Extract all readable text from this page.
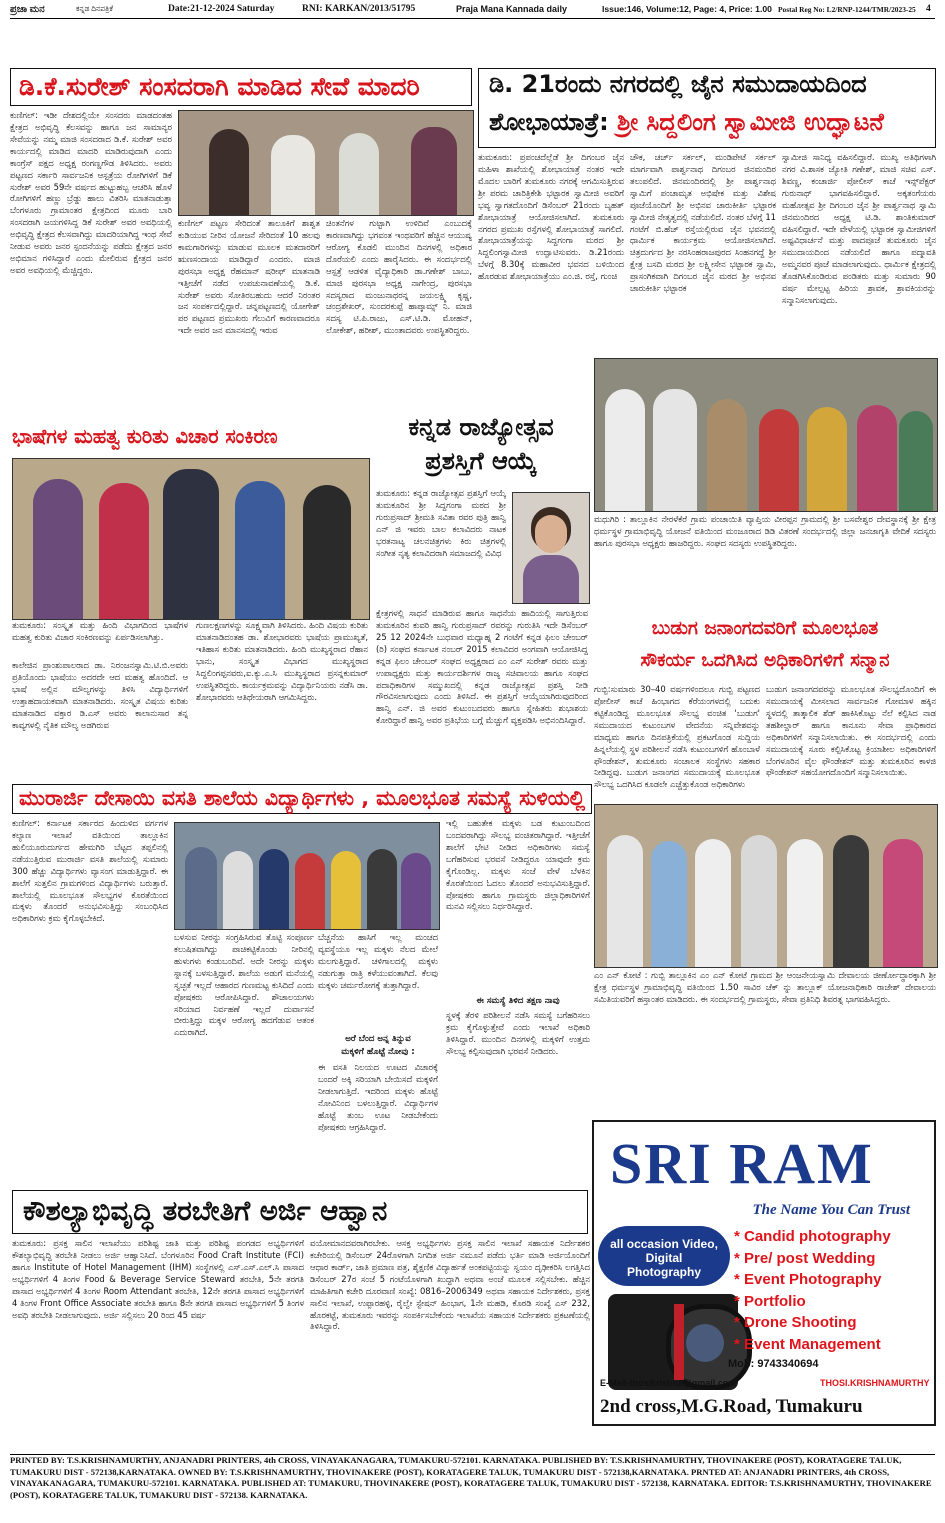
ಪ್ರಜಾ ಮನ	ಕನ್ನಡ ದಿನಪತ್ರಿಕೆ	Date:21-12-2024 Saturday	RNI: KARKAN/2013/51795	Praja Mana Kannada daily	Issue:146, Volume:12, Page: 4, Price: 1.00 Postal Reg No: L2/RNP-1244/TMR/2023-25 4
ಡಿ.ಕೆ.ಸುರೇಶ್ ಸಂಸದರಾಗಿ ಮಾಡಿದ ಸೇವೆ ಮಾದರಿ
ಕುಣಿಗಲ್: ಇಡೀ ದೇಶದಲ್ಲಿಯೇ ಸಂಸದರು ಮಾಡದಂತಹ ಕ್ಷೇತ್ರದ ಅಭಿವೃದ್ಧಿ ಕೆಲಸವನ್ನು ಹಾಗೂ ಜನ ಸಾಮಾನ್ಯರ ಸೇವೆಯನ್ನು ನಮ್ಮ ಮಾಜಿ ಸಂಸದರಾದ ಡಿ.ಕೆ. ಸುರೇಶ್ ಅವರ ಕಾರ್ಯದಲ್ಲಿ ಮಾಡಿದ ಮಾದರಿ ಮಾಡಿರುವುದಾಗಿ ಎಂದು ಕಾಂಗ್ರೆಸ್ ಪಕ್ಷದ ಅಧ್ಯಕ್ಷ ರಂಗಣ್ಣಗೌಡ ತಿಳಿಸಿದರು. ಅವರು ಪಟ್ಟಣದ ಸರ್ಕಾರಿ ಸಾರ್ವಜನಿಕ ಆಸ್ಪತ್ರೆಯ ರೋಗಿಗಳಿಗೆ ಡಿಕೆ ಸುರೇಶ್ ಅವರ 59ನೇ ವರ್ಷದ ಹುಟ್ಟುಹಬ್ಬ ಆಚರಿಸಿ ಹೊಳೆ ರೋಗಿಗಳಿಗೆ ಹಣ್ಣು ಬ್ರೆಡ್ಡು ಹಾಲು ವಿತರಿಸಿ ಮಾತನಾಡುತ್ತಾ ಬೆಂಗಳೂರು ಗ್ರಾಮಾಂತರ ಕ್ಷೇತ್ರದಿಂದ ಮೂರು ಬಾರಿ ಸಂಸದರಾಗಿ ಜಯಗಳಿಸಿದ್ದ ಡಿಕೆ ಸುರೇಶ್ ಅವರ ಅವಧಿಯಲ್ಲಿ ಅಭಿವೃದ್ಧಿ ಕ್ಷೇತ್ರದ ಕೆಲಸವಾಗಿದ್ದು ಮಾದರಿಯಾಗಿದ್ದ ಇಂಥ ಸೇವೆ ನೀಡುವ ಅವರು ಜನರ ಸ್ಪಂದನೆಯನ್ನು ಪಡೆದು ಕ್ಷೇತ್ರದ ಜನರ ಅಭಿಮಾನ ಗಳಿಸಿದ್ದಾರೆ ಎಂದು ಮೇಲಿರುವ ಕ್ಷೇತ್ರದ ಜನರ ಅವರ ಅವಧಿಯಲ್ಲಿ ಮೆಚ್ಚಿದ್ದರು.
ಕುಣಿಗಲ್ ಪಟ್ಟಣ ಸೇರಿದಂತೆ ತಾಲೂಕಿಗೆ ಶಾಶ್ವತ ಕುಡಿಯುವ ನೀರಿನ ಯೋಜನೆ ಸೇರಿದಂತೆ 10 ಹಲವು ಕಾಮಗಾರಿಗಳನ್ನು ಮಾಡುವ ಮೂಲಕ ಮತದಾರರಿಗೆ ಋಣಸಂದಾಯ ಮಾಡಿದ್ದಾರೆ ಎಂದರು. ಮಾಜಿ ಪುರಸಭಾ ಅಧ್ಯಕ್ಷ ರೆಹಮಾನ್ ಷರೀಫ್ ಮಾತನಾಡಿ ಇತ್ತೀಚೆಗೆ ನಡೆದ ಉಪಚುನಾವಣೆಯಲ್ಲಿ ಡಿ.ಕೆ. ಸುರೇಶ್ ಅವರು ಸೋತಿರಬಹುದು ಆದರೆ ನಿರಂತರ ಜನ ಸಂಪರ್ಕದಲ್ಲಿದ್ದಾರೆ. ಚನ್ನಪಟ್ಟಣದಲ್ಲಿ ಯೋಗೇಶ್ ಪರ ಪಟ್ಟಣದ ಪ್ರಮುಖರು ಗೆಲುವಿಗೆ ಕಾರಣವಾದರೂ ಇದೇ ಅವರ ಜನ ಮಾನಸದಲ್ಲಿ ಇರುವ
ಚಿಂತನೆಗಳ ಗುಟ್ಟಾಗಿ ಉಳಿದಿವೆ ಎಂಬುದಕ್ಕೆ ಕಾರಣವಾಗಿದ್ದು ಭಗವಂತ ಇಂಥವರಿಗೆ ಹೆಚ್ಚಿನ ಆಯುಷ್ಯ ಆರೋಗ್ಯ ಕೊಡಲಿ ಮುಂದಿನ ದಿನಗಳಲ್ಲಿ ಅಧಿಕಾರ ದೊರೆಯಲಿ ಎಂದು ಹಾರೈಸಿದರು. ಈ ಸಂದರ್ಭದಲ್ಲಿ ಆಸ್ಪತ್ರೆ ಆಡಳಿತ ವೈದ್ಯಾಧಿಕಾರಿ ಡಾ.ಗಣೇಶ್ ಬಾಬು, ಮಾಜಿ ಪುರಸಭಾ ಅಧ್ಯಕ್ಷ ನಾಗೇಂದ್ರ, ಪುರಸಭಾ ಸದಸ್ಯರಾದ ಮಂಜುನಾಥರನ್ನ ಜಯಲಕ್ಷ್ಮಿ ಕೃಷ್ಣ, ಚಂದ್ರಶೇಖರ್, ಸುಂದರಕುಪ್ಪೆ ಹಾಪ್ಕಾಮ್ಸ್ ನಿ. ಮಾಜಿ ಸದಸ್ಯ ಟಿ.ಪಿ.ರಾಜು, ಎಸ್.ಟಿ.ಡಿ. ಮೋಹನ್, ಲೋಕೇಶ್, ಹರೀಶ್, ಮುಂತಾದವರು ಉಪಸ್ಥಿತರಿದ್ದರು.
ಡಿ. 21ರಂದು ನಗರದಲ್ಲಿ ಜೈನ ಸಮುದಾಯದಿಂದ
ಶೋಭಾಯಾತ್ರೆ: ಶ್ರೀ ಸಿದ್ದಲಿಂಗ ಸ್ವಾಮೀಜಿ ಉದ್ಘಾಟನೆ
ತುಮಕೂರು: ಪ್ರಪಂಚದೆಲ್ಲೆಡೆ ಶ್ರೀ ದಿಗಂಬರ ಜೈನ ಮಹಿಳಾ ಶಾಖೆಯಲ್ಲಿ ಶೋಭಾಯಾತ್ರೆ ನಂತರ ಇದೇ ಮೊದಲ ಬಾರಿಗೆ ತುಮಕೂರು ನಗರಕ್ಕೆ ಆಗಮಿಸುತ್ತಿರುವ ಶ್ರೀ ಪರಮ ಚಾರಿತ್ರಿಕೇಶಿ ಭಟ್ಟಾರಕ ಸ್ವಾಮೀಜಿ ಅವರಿಗೆ ಭವ್ಯ ಸ್ವಾಗತದೊಂದಿಗೆ ಡಿಸೆಂಬರ್ 21ರಂದು ಬೃಹತ್ ಶೋಭಾಯಾತ್ರೆ ಆಯೋಜಿಸಲಾಗಿದೆ. ತುಮಕೂರು ನಗರದ ಪ್ರಮುಖ ರಸ್ತೆಗಳಲ್ಲಿ ಶೋಭಾಯಾತ್ರೆ ಸಾಗಲಿದೆ. ಶೋಭಾಯಾತ್ರೆಯನ್ನು ಸಿದ್ದಗಂಗಾ ಮಠದ ಶ್ರೀ ಸಿದ್ದಲಿಂಗಸ್ವಾಮೀಜಿ ಉದ್ಘಾಟಿಸುವರು. ಡಿ.21ರಂದು ಬೆಳಗ್ಗೆ 8.30ಕ್ಕೆ ಮಹಾವೀರ ಭವನದ ಬಳಿಯಿಂದ ಹೊರಡುವ ಶೋಭಾಯಾತ್ರೆಯು ಎಂ.ಜಿ. ರಸ್ತೆ, ಗುಂಚಿ
ಚೌಕ, ಚರ್ಚ್ ಸರ್ಕಲ್, ಮಂಡಿಪೇಟೆ ಸರ್ಕಲ್ ಮಾರ್ಗವಾಗಿ ಪಾರ್ಶ್ವನಾಥ ದಿಗಂಬರ ಜಿನಮಂದಿರ ತಲುಪಲಿದೆ. ಜಿನಮಂದಿರದಲ್ಲಿ ಶ್ರೀ ಪಾರ್ಶ್ವನಾಥ ಸ್ವಾಮಿಗೆ ಪಂಚಾಮೃತ ಅಭಿಷೇಕ ಮತ್ತು ವಿಶೇಷ ಪೂಜೆಯೊಂದಿಗೆ ಶ್ರೀ ಅಭಿನವ ಚಾರುಕೀರ್ತಿ ಭಟ್ಟಾರಕ ಸ್ವಾಮೀಜಿ ನೇತೃತ್ವದಲ್ಲಿ ನಡೆಯಲಿದೆ. ನಂತರ ಬೆಳಗ್ಗೆ 11 ಗಂಟೆಗೆ ಬಿ.ಹೆಚ್ ರಸ್ತೆಯಲ್ಲಿರುವ ಜೈನ ಭವನದಲ್ಲಿ ಧಾರ್ಮಿಕ ಕಾರ್ಯಕ್ರಮ ಆಯೋಜಿಸಲಾಗಿದೆ. ಚಿತ್ರದುರ್ಗದ ಶ್ರೀ ನರಸಿಂಹರಾಜಪುರದ ಸಿಂಹನಗದ್ದೆ ಶ್ರೀ ಕ್ಷೇತ್ರ ಬಸದಿ ಮಠದ ಶ್ರೀ ಲಕ್ಷ್ಮೀಸೇನ ಭಟ್ಟಾರಕ ಸ್ವಾಮಿ, ಪ್ರಾಸಂಗಿಕವಾಗಿ ದಿಗಂಬರ ಜೈನ ಮಠದ ಶ್ರೀ ಅಭಿನವ ಚಾರುಕೀರ್ತಿ ಭಟ್ಟಾರಕ
ಸ್ವಾಮೀಜಿ ಸಾನಿಧ್ಯ ವಹಿಸಲಿದ್ದಾರೆ. ಮುಖ್ಯ ಅತಿಥಿಗಳಾಗಿ ನಗರ ವಿ.ಶಾಸಕ ಜ್ಯೋತಿ ಗಣೇಶ್, ಮಾಜಿ ಸಚಿವ ಎಸ್. ಶಿವಣ್ಣ, ಕಂಚಾರ್ಜಿ ಪೋಲೀಸ್ ಕಾಚೆ ಇನ್ಸ್‌ಪೆಕ್ಟರ್ ಗುರುನಾಥ್ ಭಾಗವಹಿಸಲಿದ್ದಾರೆ. ಅಕ್ಕತಂಗೆಯರು ಮಹೋತ್ಸವ ಶ್ರೀ ದಿಗಂಬರ ಜೈನ ಶ್ರೀ ಪಾರ್ಶ್ವನಾಥ ಸ್ವಾಮಿ ಜಿನಮಂದಿರದ ಅಧ್ಯಕ್ಷ ಟಿ.ಡಿ. ಶಾಂತಿಕುಮಾರ್ ವಹಿಸಲಿದ್ದಾರೆ. ಇದೇ ವೇಳೆಯಲ್ಲಿ ಭಟ್ಟಾರಕ ಸ್ವಾಮೀಜಿಗಳಿಗೆ ಅಷ್ಟವಿಧಾರ್ಚನೆ ಮತ್ತು ಪಾದಪೂಜೆ ತುಮಕೂರು ಜೈನ ಸಮುದಾಯದಿಂದ ನಡೆಯಲಿದೆ ಹಾಗೂ ಪದ್ಮಾವತಿ ಅಮ್ಮನವರ ಪೂಜೆ ಮಾಡಲಾಗುವುದು. ಧಾರ್ಮಿಕ ಕ್ಷೇತ್ರದಲ್ಲಿ ತೊಡಗಿಸಿಕೊಂಡಿರುವ ಪಂಡಿತರು ಮತ್ತು ಸುಮಾರು 90 ವರ್ಷ ಮೇಲ್ಪಟ್ಟ ಹಿರಿಯ ಶ್ರಾವಕ, ಶ್ರಾವಕಿಯರನ್ನು ಸನ್ಮಾನಿಸಲಾಗುವುದು.
ಭಾಷೆಗಳ ಮಹತ್ವ ಕುರಿತು ವಿಚಾರ ಸಂಕಿರಣ
ತುಮಕೂರು: ಸಂಸ್ಕೃತ ಮತ್ತು ಹಿಂದಿ ವಿಭಾಗದಿಂದ ಭಾಷೆಗಳ ಮಹತ್ವ ಕುರಿತು ವಿಚಾರ ಸಂಕಿರಣವನ್ನು ಏರ್ಪಡಿಸಲಾಗಿತ್ತು.
ಕಾಲೇಜಿನ ಪ್ರಾಂಶುಪಾಲರಾದ ಡಾ. ನಿರಂಜನಸ್ವಾಮಿ.ಟಿ.ಬಿ.ಅವರು ಪ್ರತಿಯೊಂದು ಭಾಷೆಯು ಅದರದೇ ಆದ ಮಹತ್ವ ಹೊಂದಿದೆ. ಆ ಭಾಷೆ ಅಲ್ಲಿನ ಮೌಲ್ಯಗಳನ್ನು ತಿಳಿಸಿ ವಿದ್ಯಾರ್ಥಿಗಳಿಗೆ ಉತ್ತಾಹದಾಯಕವಾಗಿ ಮಾತನಾಡಿದರು. ಸಂಸ್ಕೃತ ವಿಷಯ ಕುರಿತು ಮಾತನಾಡಿದ ವಕ್ತಾರ ಡಿ.ಎಸ್ ಅವರು ಕಾಲಾನುಸಾರ ತನ್ನ ಕಾವ್ಯಗಳಲ್ಲಿ ನೈತಿಕ ಮೌಲ್ಯ ಅಡಗಿರುವ
ಗುಣಲಕ್ಷಣಗಳನ್ನು ಸೂಕ್ಷ್ಮವಾಗಿ ತಿಳಿಸಿದರು. ಹಿಂದಿ ವಿಷಯ ಕುರಿತು ಮಾತನಾಡಿದಂತಹ ಡಾ. ಶೋಭಾರವರು ಭಾಷೆಯ ಪ್ರಾಮುಖ್ಯತೆ, ಇತಿಹಾಸ ಕುರಿತು ಮಾತನಾಡಿದರು. ಹಿಂದಿ ಮುಖ್ಯಸ್ಥರಾದ ರೆಹಾನ ಭಾನು, ಸಂಸ್ಕೃತ ವಿಭಾಗದ ಮುಖ್ಯಸ್ಥರಾದ ಸಿದ್ದಲಿಂಗಪ್ಪನವರು,ಐ.ಕ್ಯು.ಎ.ಸಿ ಮುಖ್ಯಸ್ಥರಾದ ಪ್ರಸನ್ನಕುಮಾರ್ ಉಪಸ್ಥಿತರಿದ್ದರು. ಕಾರ್ಯಕ್ರಮವನ್ನು ವಿದ್ಯಾರ್ಥಿನಿಯರು ನಡೆಸಿ ಡಾ. ಶೋಭಾರವರು ಆತಿಥೇಯರಾಗಿ ಆಗಮಿಸಿದ್ದರು.
ಕನ್ನಡ ರಾಜ್ಯೋತ್ಸವ
ಪ್ರಶಸ್ತಿಗೆ ಆಯ್ಕೆ
ತುಮಕೂರು: ಕನ್ನಡ ರಾಜ್ಯೋತ್ಸವ ಪ್ರಶಸ್ತಿಗೆ ಆಯ್ಕೆ ತುಮಕೂರಿನ ಶ್ರೀ ಸಿದ್ದಗಂಗಾ ಮಠದ ಶ್ರೀ ಗುರುಪ್ರಸಾದ್ ಶ್ರೀಮತಿ ಸವಿತಾ ರವರ ಪುತ್ರಿ ಹಾನ್ವಿ ಎನ್ ಜಿ ಇವರು ಬಾಲ ಕಲಾವಿದರು ನಾಟಕ ಭರತನಾಟ್ಯ ಚಲನಚಿತ್ರಗಳು ಕಿರು ಚಿತ್ರಗಳಲ್ಲಿ ಸಂಗೀತ ನೃತ್ಯ ಕಲಾವಿದರಾಗಿ ಸಮಾಜದಲ್ಲಿ ವಿವಿಧ
ಕ್ಷೇತ್ರಗಳಲ್ಲಿ ಸಾಧನೆ ಮಾಡಿರುವ ಹಾಗೂ ಸಾಧನೆಯ ಹಾದಿಯಲ್ಲಿ ಸಾಗುತ್ತಿರುವ ತುಮಕೂರಿನ ಕುವರಿ ಹಾನ್ವಿ ಗುರುಪ್ರಸಾದ್ ರವರನ್ನು ಗುರುತಿಸಿ ಇದೇ ಡಿಸೆಂಬರ್ 25 12 2024ನೇ ಬುಧವಾರ ಮಧ್ಯಾಹ್ನ 2 ಗಂಟೆಗೆ ಕನ್ನಡ ಫಿಲಂ ಚೇಂಬರ್ (ರಿ) ಸಂಘದ ಕರ್ನಾಟಕ ನಂಬರ್ 2015 ಕಲಾವಿದರ ಅಂಗವಾಗಿ ಆಯೋಜಿಸಿದ್ದ ಕನ್ನಡ ಫಿಲಂ ಚೇಂಬರ್ ಸಂಘದ ಅಧ್ಯಕ್ಷರಾದ ಎಂ ಎನ್ ಸುರೇಶ್ ರವರು ಮತ್ತು ಉಪಾಧ್ಯಕ್ಷರು ಮತ್ತು ಕಾರ್ಯದರ್ಶಿಗಳ ರಾಜ್ಯ ಸಚಿವಾಲಯ ಹಾಗೂ ಸಂಘದ ಪದಾಧಿಕಾರಿಗಳ ಸಮ್ಮುಖದಲ್ಲಿ ಕನ್ನಡ ರಾಜ್ಯೋತ್ಸವ ಪ್ರಶಸ್ತಿ ನೀಡಿ ಗೌರವಿಸಲಾಗುವುದು ಎಂದು ತಿಳಿಸಿದೆ. ಈ ಪ್ರಶಸ್ತಿಗೆ ಆಯ್ಕೆಯಾಗಿರುವುದರಿಂದ ಹಾನ್ವಿ ಎನ್. ಜಿ ಅವರ ಕುಟುಂಬದವರು ಹಾಗೂ ಸ್ನೇಹಿತರು ಶುಭಾಶಯ ಕೋರಿದ್ದಾರೆ ಹಾನ್ವಿ ಅವರ ಪ್ರತಿಭೆಯ ಬಗ್ಗೆ ಮೆಚ್ಚುಗೆ ವ್ಯಕ್ತಪಡಿಸಿ ಅಭಿನಂದಿಸಿದ್ದಾರೆ.
ಮಧುಗಿರಿ : ತಾಲ್ಲೂಕಿನ ನೇರಳೆಕೆರೆ ಗ್ರಾಮ ಪಂಚಾಯಿತಿ ವ್ಯಾಪ್ತಿಯ ವೀರಪ್ಪನ ಗ್ರಾಮದಲ್ಲಿ ಶ್ರೀ ಬಸವೇಶ್ವರ ದೇವಸ್ಥಾನಕ್ಕೆ ಶ್ರೀ ಕ್ಷೇತ್ರ ಧರ್ಮಸ್ಥಳ ಗ್ರಾಮಾಭಿವೃದ್ಧಿ ಯೋಜನೆ ವತಿಯಿಂದ ಮಂಜೂರಾದ ಡಿಡಿ ವಿತರಣೆ ಸಂದರ್ಭದಲ್ಲಿ ಜಿಲ್ಲಾ ಜನಜಾಗೃತಿ ವೇದಿಕೆ ಸದಸ್ಯರು ಹಾಗೂ ಪುರಸಭಾ ಅಧ್ಯಕ್ಷರು ಹಾಜರಿದ್ದರು. ಸಂಘದ ಸದಸ್ಯರು ಉಪಸ್ಥಿತರಿದ್ದರು.
ಬುಡುಗ ಜನಾಂಗದವರಿಗೆ ಮೂಲಭೂತ
ಸೌಕರ್ಯ ಒದಗಿಸಿದ ಅಧಿಕಾರಿಗಳಿಗೆ ಸನ್ಮಾನ
ಗುಬ್ಬಿ:ಸುಮಾರು 30–40 ವರ್ಷಗಳಿಂದಲೂ ಗುಬ್ಬಿ ಪಟ್ಟಣದ ಪೋಲೀಸ್ ಕಾಚೆ ಹಿಂಭಾಗದ ಕೆರೆಯಂಗಳದಲ್ಲಿ ಬದುಕು ಕಟ್ಟಿಕೊಂಡಿದ್ದ ಮೂಲಭೂತ ಸೌಲಭ್ಯ ವಂಚಿತ 'ಬುಡುಗ' ಸಮುದಾಯದ ಕುಟುಂಬಗಳ ವೇದನೆಯ ಸನ್ನಿವೇಶವನ್ನು ಮಾಧ್ಯಮ ಹಾಗೂ ದಿನಪತ್ರಿಕೆಯಲ್ಲಿ ಪ್ರಕಟಗೊಂಡ ಸುದ್ದಿಯ ಹಿನ್ನಲೆಯಲ್ಲಿ ಸ್ಥಳ ಪರಿಶೀಲನೆ ನಡೆಸಿ ಕುಟುಂಬಗಳಿಗೆ ಹೊಂಬಾಳೆ ಫೌಂಡೇಶನ್, ತುಮಕೂರು ಸಂಚಾಲಕ ಸಂಸ್ಥೆಗಳು ಸಹಕಾರ ನೀಡಿದ್ದವು. ಬುಡುಗ ಜನಾಂಗದ ಸಮುದಾಯಕ್ಕೆ ಮೂಲಭೂತ ಸೌಲಭ್ಯ ಒದಗಿಸಿದ ಕೂಡಲೇ ಎಚ್ಚೆತ್ತುಕೊಂಡ ಅಧಿಕಾರಿಗಳು
ಬುಡುಗ ಜನಾಂಗದವರನ್ನು ಮೂಲಭೂತ ಸೌಲಭ್ಯದೊಂದಿಗೆ ಈ ಸಮುದಾಯಕ್ಕೆ ಮೀಸಲಾದ ಸಾರ್ವಜನಿಕ ಗೋಮಾಳ ಹಕ್ಕಿನ ಸ್ಥಳದಲ್ಲಿ ತಾತ್ಕಾಲಿಕ ಶೆಡ್ ಹಾಕಿಸಿಕೊಟ್ಟು ನೆಲೆ ಕಲ್ಪಿಸಿದ ನಾಡ ತಹಶೀಲ್ದಾರ್ ಹಾಗೂ ಕಾನೂನು ಸೇವಾ ಪ್ರಾಧಿಕಾರದ ಅಧಿಕಾರಿಗಳಿಗೆ ಸನ್ಮಾನಿಸಲಾಯಿತು. ಈ ಸಂದರ್ಭದಲ್ಲಿ ಎಂದು ಸಮುದಾಯಕ್ಕೆ ಸೂರು ಕಲ್ಪಿಸಿಕೊಟ್ಟ ಕ್ರಿಯಾಶೀಲ ಅಧಿಕಾರಿಗಳಿಗೆ ಬೆಂಗಳೂರಿನ ವೈಲ ಫೌಂಡೇಶನ್ ಮತ್ತು ತುಮಕೂರಿನ ಕಾಳಜಿ ಫೌಂಡೇಶನ್ ಸಹಯೋಗದೊಂದಿಗೆ ಸನ್ಮಾನಿಸಲಾಯಿತು.
ಮುರಾರ್ಜಿ ದೇಸಾಯಿ ವಸತಿ ಶಾಲೆಯ ವಿದ್ಯಾರ್ಥಿಗಳು , ಮೂಲಭೂತ ಸಮಸ್ಯೆ ಸುಳಿಯಲ್ಲಿ
ಕುಣಿಗಲ್: ಕರ್ನಾಟಕ ಸರ್ಕಾರದ ಹಿಂದುಳಿದ ವರ್ಗಗಳ ಕಲ್ಯಾಣ ಇಲಾಖೆ ವತಿಯಿಂದ ತಾಲ್ಲೂಕಿನ ಹುಲಿಯೂರುದುರ್ಗದ ಹೇಮಗಿರಿ ಬೆಟ್ಟದ ತಪ್ಪಲಿನಲ್ಲಿ ನಡೆಯುತ್ತಿರುವ ಮುರಾರ್ಜಿ ವಸತಿ ಶಾಲೆಯಲ್ಲಿ ಸುಮಾರು 300 ಹೆಚ್ಚು ವಿದ್ಯಾರ್ಥಿಗಳು ವ್ಯಾಸಂಗ ಮಾಡುತ್ತಿದ್ದಾರೆ. ಈ ಶಾಲೆಗೆ ಸುತ್ತಲಿನ ಗ್ರಾಮಗಳಿಂದ ವಿದ್ಯಾರ್ಥಿಗಳು ಬರುತ್ತಾರೆ. ಶಾಲೆಯಲ್ಲಿ ಮೂಲಭೂತ ಸೌಲಭ್ಯಗಳ ಕೊರತೆಯಿಂದ ಮಕ್ಕಳು ತೊಂದರೆ ಅನುಭವಿಸುತ್ತಿದ್ದು ಸಂಬಂಧಿಸಿದ ಅಧಿಕಾರಿಗಳು ಕ್ರಮ ಕೈಗೊಳ್ಳಬೇಕಿದೆ.
ಬಳಸುವ ನೀರನ್ನು ಸಂಗ್ರಹಿಸಿರುವ ತೊಟ್ಟಿ ಸಂಪೂರ್ಣ ಕಲುಷಿತವಾಗಿದ್ದು ಪಾಚಿಕಟ್ಟಿಕೊಂಡು ನೀರಿನಲ್ಲಿ ಹುಳುಗಳು ಕಂಡುಬಂದಿವೆ. ಅದೇ ನೀರನ್ನು ಮಕ್ಕಳು ಸ್ನಾನಕ್ಕೆ ಬಳಸುತ್ತಿದ್ದಾರೆ. ಶಾಲೆಯ ಅಡುಗೆ ಮನೆಯಲ್ಲಿ ಸ್ವಚ್ಛತೆ ಇಲ್ಲದೆ ಆಹಾರದ ಗುಣಮಟ್ಟ ಕುಸಿದಿದೆ ಎಂದು ಪೋಷಕರು ಆರೋಪಿಸಿದ್ದಾರೆ. ಶೌಚಾಲಯಗಳು ಸರಿಯಾದ ನಿರ್ವಹಣೆ ಇಲ್ಲದೆ ದುರ್ವಾಸನೆ ಬೀರುತ್ತಿದ್ದು ಮಕ್ಕಳ ಆರೋಗ್ಯ ಹದಗೆಡುವ ಆತಂಕ ಎದುರಾಗಿದೆ.
ಬೆಚ್ಚನೆಯ ಹಾಸಿಗೆ ಇಲ್ಲ ಮಂಚದ ವ್ಯವಸ್ಥೆಯೂ ಇಲ್ಲ ಮಕ್ಕಳು ನೆಲದ ಮೇಲೆ ಮಲಗುತ್ತಿದ್ದಾರೆ. ಚಳಿಗಾಲದಲ್ಲಿ ಮಕ್ಕಳು ನಡುಗುತ್ತಾ ರಾತ್ರಿ ಕಳೆಯುವಂತಾಗಿದೆ. ಕೆಲವು ಮಕ್ಕಳು ಚರ್ಮರೋಗಕ್ಕೆ ತುತ್ತಾಗಿದ್ದಾರೆ.
ಅರೆ ಬೆಂದ ಅನ್ನ ತಿನ್ನುವ
ಮಕ್ಕಳಿಗೆ ಹೊಟ್ಟೆ ನೋವು :
ಈ ವಸತಿ ನಿಲಯದ ಊಟದ ವಿಚಾರಕ್ಕೆ ಬಂದರೆ ಅಕ್ಕಿ ಸರಿಯಾಗಿ ಬೇಯಿಸದೆ ಮಕ್ಕಳಿಗೆ ನೀಡಲಾಗುತ್ತಿದೆ. ಇದರಿಂದ ಮಕ್ಕಳು ಹೊಟ್ಟೆ ನೋವಿನಿಂದ ಬಳಲುತ್ತಿದ್ದಾರೆ. ವಿದ್ಯಾರ್ಥಿಗಳ ಹೊಟ್ಟೆ ತುಂಬ ಊಟ ನೀಡಬೇಕೆಂದು ಪೋಷಕರು ಆಗ್ರಹಿಸಿದ್ದಾರೆ.
ಇಲ್ಲಿ ಬಹುತೇಕ ಮಕ್ಕಳು ಬಡ ಕುಟುಂಬದಿಂದ ಬಂದವರಾಗಿದ್ದು ಸೌಲಭ್ಯ ವಂಚಿತರಾಗಿದ್ದಾರೆ. ಇತ್ತೀಚೆಗೆ ಶಾಲೆಗೆ ಭೇಟಿ ನೀಡಿದ ಅಧಿಕಾರಿಗಳು ಸಮಸ್ಯೆ ಬಗೆಹರಿಸುವ ಭರವಸೆ ನೀಡಿದ್ದರೂ ಯಾವುದೇ ಕ್ರಮ ಕೈಗೊಂಡಿಲ್ಲ. ಮಕ್ಕಳು ಸಂಜೆ ವೇಳೆ ಬೆಳಕಿನ ಕೊರತೆಯಿಂದ ಓದಲು ತೊಂದರೆ ಅನುಭವಿಸುತ್ತಿದ್ದಾರೆ. ಪೋಷಕರು ಹಾಗೂ ಗ್ರಾಮಸ್ಥರು ಜಿಲ್ಲಾಧಿಕಾರಿಗಳಿಗೆ ಮನವಿ ಸಲ್ಲಿಸಲು ನಿರ್ಧರಿಸಿದ್ದಾರೆ.
ಈ ಸಮಸ್ಯೆ ತಿಳಿದ ತಕ್ಷಣ ನಾವು
ಸ್ಥಳಕ್ಕೆ ತೆರಳಿ ಪರಿಶೀಲನೆ ನಡೆಸಿ ಸಮಸ್ಯೆ ಬಗೆಹರಿಸಲು ಕ್ರಮ ಕೈಗೊಳ್ಳುತ್ತೇವೆ ಎಂದು ಇಲಾಖೆ ಅಧಿಕಾರಿ ತಿಳಿಸಿದ್ದಾರೆ. ಮುಂದಿನ ದಿನಗಳಲ್ಲಿ ಮಕ್ಕಳಿಗೆ ಉತ್ತಮ ಸೌಲಭ್ಯ ಕಲ್ಪಿಸುವುದಾಗಿ ಭರವಸೆ ನೀಡಿದರು.
ಎಂ ಎನ್ ಕೋಟೆ : ಗುಬ್ಬಿ ತಾಲ್ಲೂಕಿನ ಎಂ ಎನ್ ಕೋಟೆ ಗ್ರಾಮದ ಶ್ರೀ ಆಂಜನೇಯಸ್ವಾಮಿ ದೇವಾಲಯ ಜೀರ್ಣೋದ್ಧಾರಕ್ಕಾಗಿ ಶ್ರೀ ಕ್ಷೇತ್ರ ಧರ್ಮಸ್ಥಳ ಗ್ರಾಮಾಭಿವೃದ್ಧಿ ವತಿಯಿಂದ 1.50 ಸಾವಿರ ಚೆಕ್ ನ್ನು ತಾಲ್ಲೂಕ್ ಯೋಜನಾಧಿಕಾರಿ ರಾಜೇಶ್ ದೇವಾಲಯ ಸಮಿತಿಯವರಿಗೆ ಹಸ್ತಾಂತರ ಮಾಡಿದರು. ಈ ಸಂದರ್ಭದಲ್ಲಿ ಗ್ರಾಮಸ್ಥರು, ಸೇವಾ ಪ್ರತಿನಿಧಿ ಶಿವರತ್ನ ಭಾಗವಹಿಸಿದ್ದರು.
SRI RAM
The Name You Can Trust
all occasion Video, Digital Photography
* Candid photography
* Pre/ post Wedding
* Event Photography
* Portfolio
* Drone Shooting
* Event Management
Mob: 9743340694
THOSI.KRISHNAMURTHY
E-Mail-thosikrishna@gmail.com
2nd cross,M.G.Road, Tumakuru
ಕೌಶಲ್ಯಾಭಿವೃದ್ಧಿ ತರಬೇತಿಗೆ ಅರ್ಜಿ ಆಹ್ವಾನ
ತುಮಕೂರು: ಪ್ರಸಕ್ತ ಸಾಲಿನ ಇಲಾಖೆಯು ಪರಿಶಿಷ್ಟ ಜಾತಿ ಮತ್ತು ಪರಿಶಿಷ್ಟ ಪಂಗಡದ ಅಭ್ಯರ್ಥಿಗಳಿಗೆ ಕೌಶಲ್ಯಾಭಿವೃದ್ಧಿ ತರಬೇತಿ ನೀಡಲು ಅರ್ಜಿ ಆಹ್ವಾನಿಸಿದೆ. ಬೆಂಗಳೂರಿನ Food Craft Institute (FCI) ಹಾಗೂ Institute of Hotel Management (IHM) ಸಂಸ್ಥೆಗಳಲ್ಲಿ ಎಸ್.ಎಸ್.ಎಲ್.ಸಿ ಪಾಸಾದ ಅಭ್ಯರ್ಥಿಗಳಿಗೆ 4 ತಿಂಗಳ Food & Beverage Service Steward ತರಬೇತಿ, 5ನೇ ತರಗತಿ ಪಾಸಾದ ಅಭ್ಯರ್ಥಿಗಳಿಗೆ 4 ತಿಂಗಳ Room Attendant ತರಬೇತಿ, 12ನೇ ತರಗತಿ ಪಾಸಾದ ಅಭ್ಯರ್ಥಿಗಳಿಗೆ 4 ತಿಂಗಳ Front Office Associate ತರಬೇತಿ ಹಾಗೂ 8ನೇ ತರಗತಿ ಪಾಸಾದ ಅಭ್ಯರ್ಥಿಗಳಿಗೆ 5 ತಿಂಗಳ ಅವಧಿ ತರಬೇತಿ ನೀಡಲಾಗುವುದು. ಅರ್ಜಿ ಸಲ್ಲಿಸಲು 20 ರಿಂದ 45 ವರ್ಷ
ವಯೋಮಾನದವರಾಗಿರಬೇಕು. ಆಸಕ್ತ ಅಭ್ಯರ್ಥಿಗಳು ಪ್ರಸಕ್ತ ಸಾಲಿನ ಇಲಾಖೆ ಸಹಾಯಕ ನಿರ್ದೇಶಕರ ಕಚೇರಿಯಲ್ಲಿ ಡಿಸೆಂಬರ್ 24ರೊಳಗಾಗಿ ನಿಗದಿತ ಅರ್ಜಿ ನಮೂನೆ ಪಡೆದು ಭರ್ತಿ ಮಾಡಿ ಅರ್ಜಿಯೊಂದಿಗೆ ಆಧಾರ ಕಾರ್ಡ್, ಜಾತಿ ಪ್ರಮಾಣ ಪತ್ರ, ಶೈಕ್ಷಣಿಕ ವಿದ್ಯಾರ್ಹತೆ ಅಂಕಪಟ್ಟಿಯನ್ನು ಸ್ವಯಂ ದೃಢೀಕರಿಸಿ ಲಗತ್ತಿಸಿದ ಡಿಸೆಂಬರ್ 27ರ ಸಂಜೆ 5 ಗಂಟೆಯೊಳಗಾಗಿ ಖುದ್ದಾಗಿ ಅಥವಾ ಅಂಚೆ ಮೂಲಕ ಸಲ್ಲಿಸಬೇಕು. ಹೆಚ್ಚಿನ ಮಾಹಿತಿಗಾಗಿ ಕಚೇರಿ ದೂರವಾಣಿ ಸಂಖ್ಯೆ: 0816–2006349 ಅಥವಾ ಸಹಾಯಕ ನಿರ್ದೇಶಕರು, ಪ್ರಸಕ್ತ ಸಾಲಿನ ಇಲಾಖೆ, ಉಪ್ಪಾರಹಳ್ಳಿ, ರೈಲ್ವೇ ಸ್ಟೇಷನ್ ಹಿಂಭಾಗ, 1ನೇ ಮಹಡಿ, ಕೊಠಡಿ ಸಂಖ್ಯೆ ಎಸ್ 232, ಹೊರಕಟ್ಟೆ, ತುಮಕೂರು ಇವರನ್ನು ಸಂಪರ್ಕಿಸಬೇಕೆಂದು ಇಲಾಖೆಯ ಸಹಾಯಕ ನಿರ್ದೇಶಕರು ಪ್ರಕಟಣೆಯಲ್ಲಿ ತಿಳಿಸಿದ್ದಾರೆ.
PRINTED BY: T.S.KRISHNAMURTHY, ANJANADRI PRINTERS, 4th CROSS, VINAYAKANAGARA, TUMAKURU-572101. KARNATAKA. PUBLISHED BY: T.S.KRISHNAMURTHY, THOVINAKERE (POST), KORATAGERE TALUK, TUMAKURU DIST - 572138,KARNATAKA. OWNED BY: T.S.KRISHNAMURTHY, THOVINAKERE (POST), KORATAGERE TALUK, TUMAKURU DIST - 572138,KARNATAKA. PRNTED AT: ANJANADRI PRINTERS, 4th CROSS, VINAYAKANAGARA, TUMAKURU-572101. KARNATAKA. PUBLISHED AT: TUMAKURU, THOVINAKERE (POST), KORATAGERE TALUK, TUMAKURU DIST - 572138, KARNATAKA. EDITOR: T.S.KRISHNAMURTHY, THOVINAKERE (POST), KORATAGERE TALUK, TUMAKURU DIST - 572138. KARNATAKA.
